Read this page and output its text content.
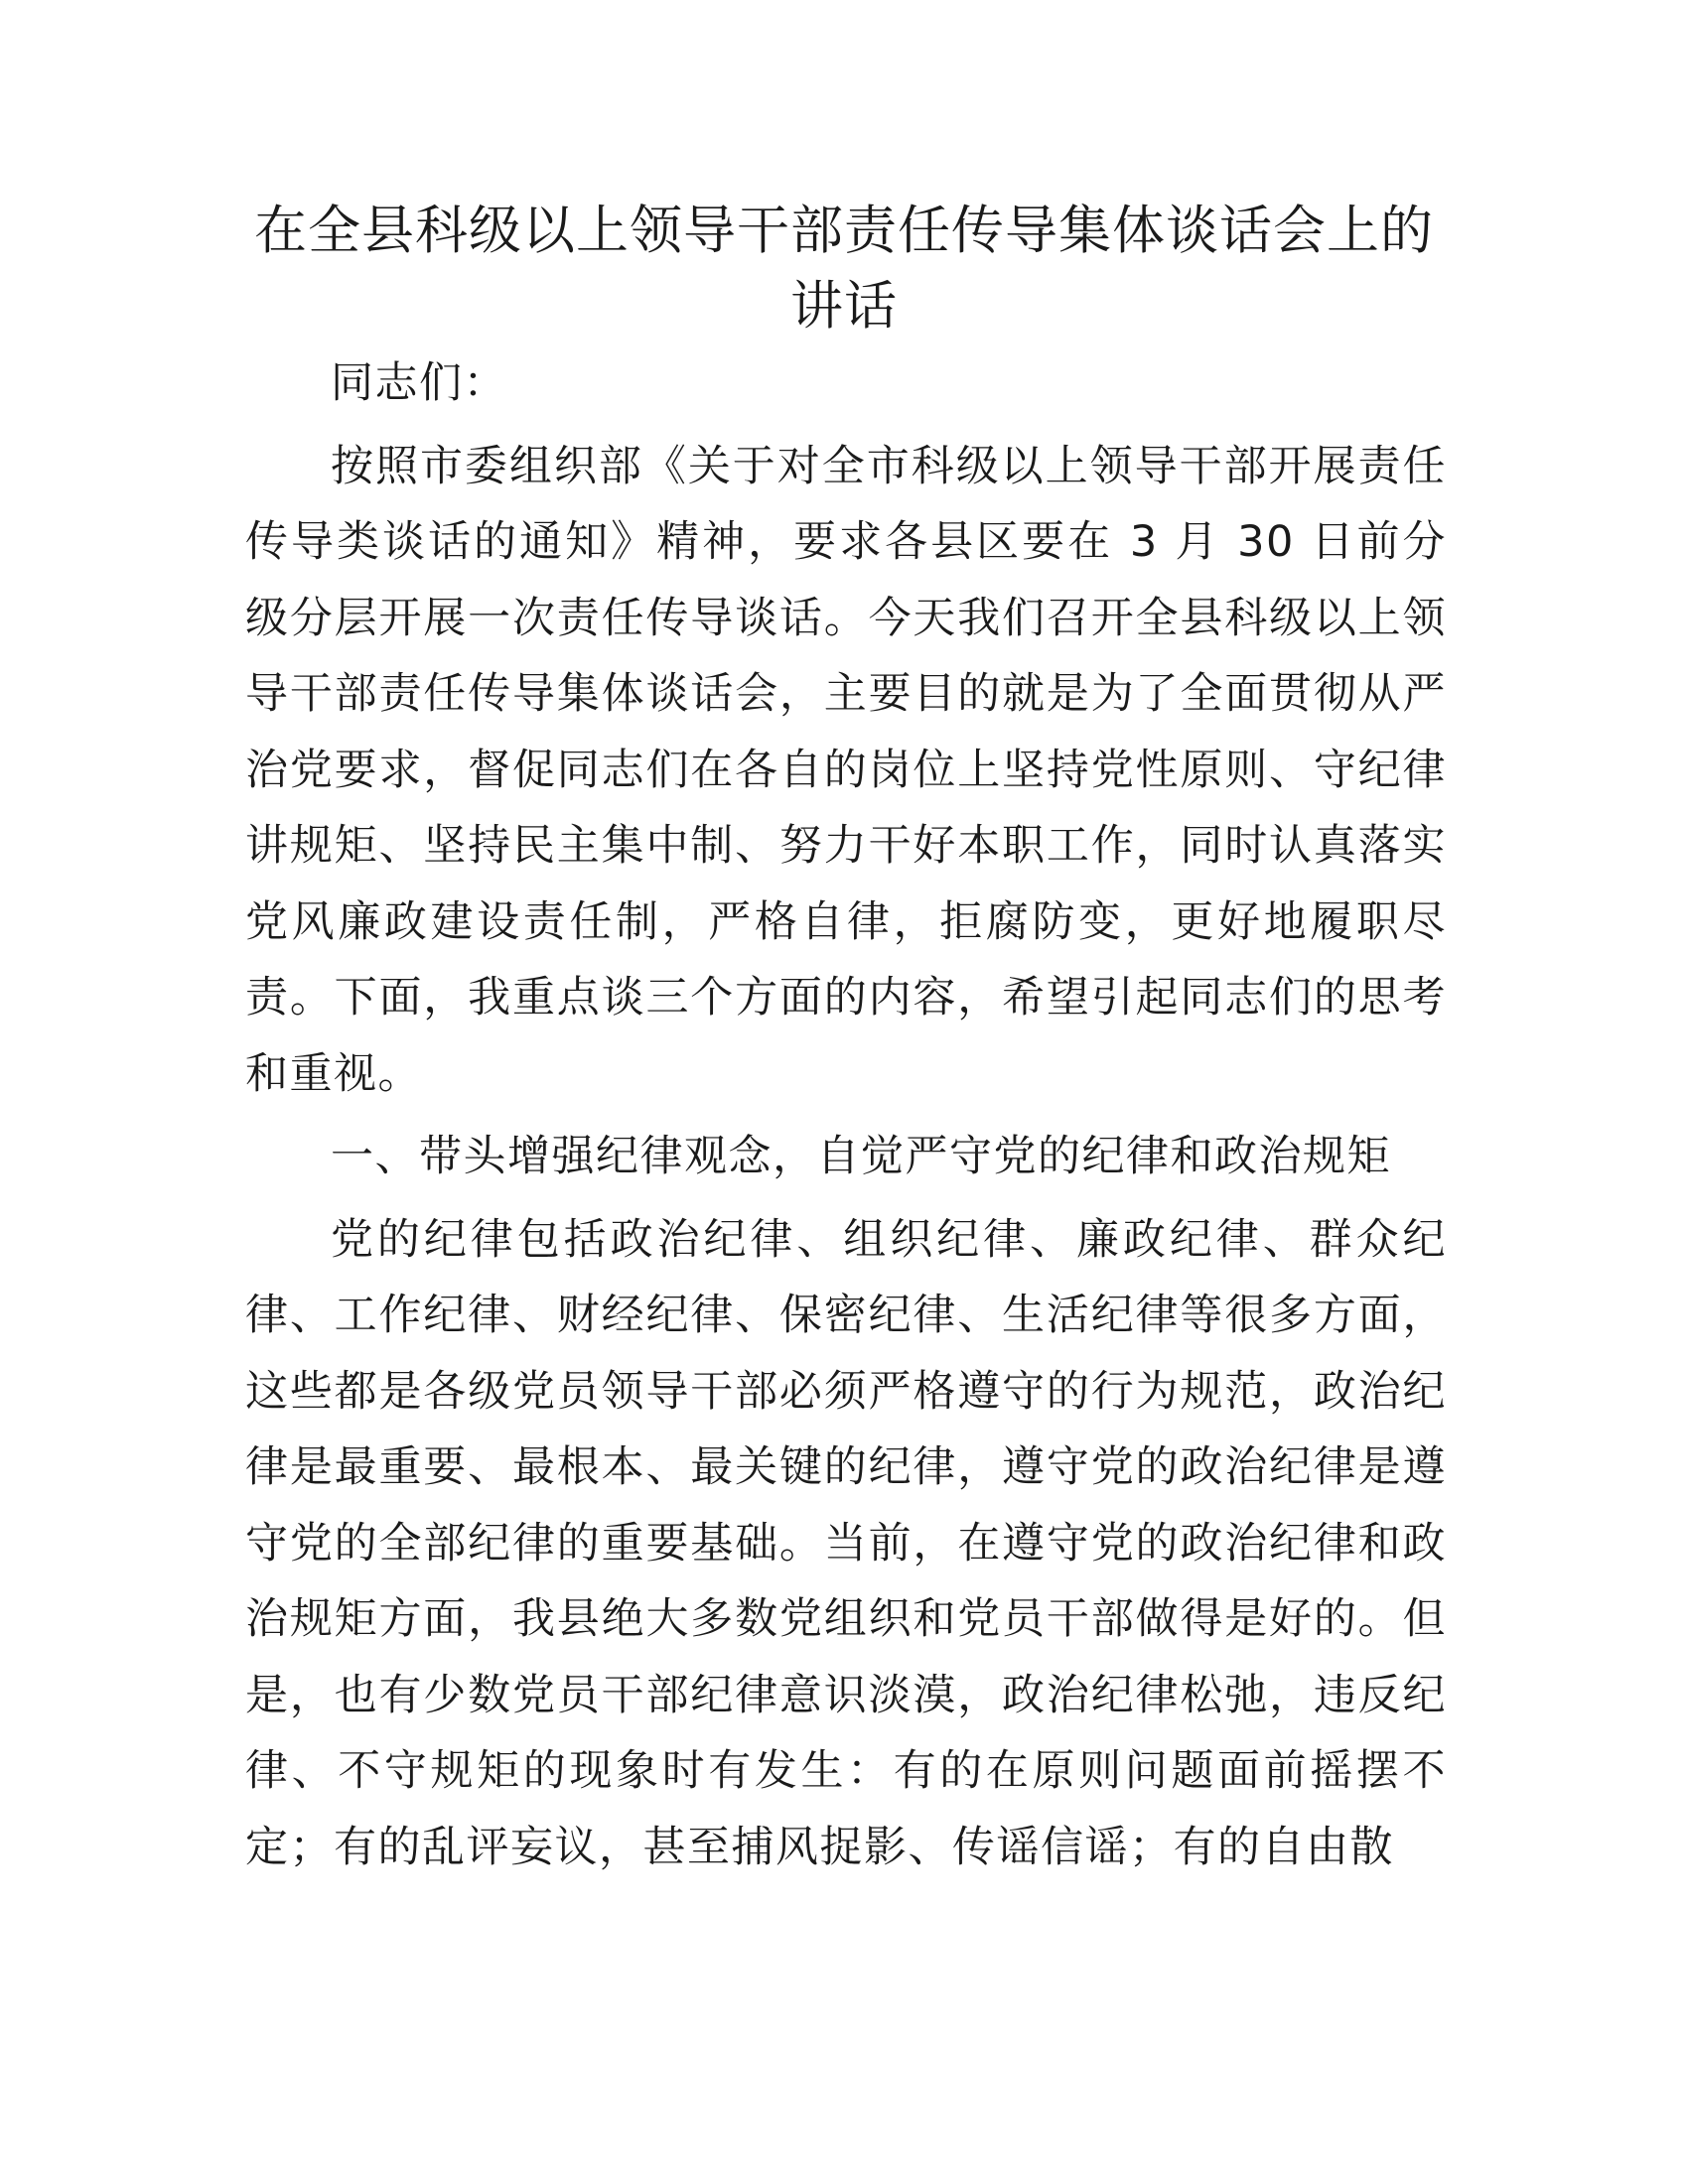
在全县科级以上领导干部责任传导集体谈话会上的讲话

同志们：

按照市委组织部《关于对全市科级以上领导干部开展责任传导类谈话的通知》精神，要求各县区要在 3 月 30 日前分级分层开展一次责任传导谈话。今天我们召开全县科级以上领导干部责任传导集体谈话会，主要目的就是为了全面贯彻从严治党要求，督促同志们在各自的岗位上坚持党性原则、守纪律讲规矩、坚持民主集中制、努力干好本职工作，同时认真落实党风廉政建设责任制，严格自律，拒腐防变，更好地履职尽责。下面，我重点谈三个方面的内容，希望引起同志们的思考和重视。

一、带头增强纪律观念，自觉严守党的纪律和政治规矩

党的纪律包括政治纪律、组织纪律、廉政纪律、群众纪律、工作纪律、财经纪律、保密纪律、生活纪律等很多方面，这些都是各级党员领导干部必须严格遵守的行为规范，政治纪律是最重要、最根本、最关键的纪律，遵守党的政治纪律是遵守党的全部纪律的重要基础。当前，在遵守党的政治纪律和政治规矩方面，我县绝大多数党组织和党员干部做得是好的。但是，也有少数党员干部纪律意识淡漠，政治纪律松弛，违反纪律、不守规矩的现象时有发生：有的在原则问题面前摇摆不定；有的乱评妄议，甚至捕风捉影、传谣信谣；有的自由散
